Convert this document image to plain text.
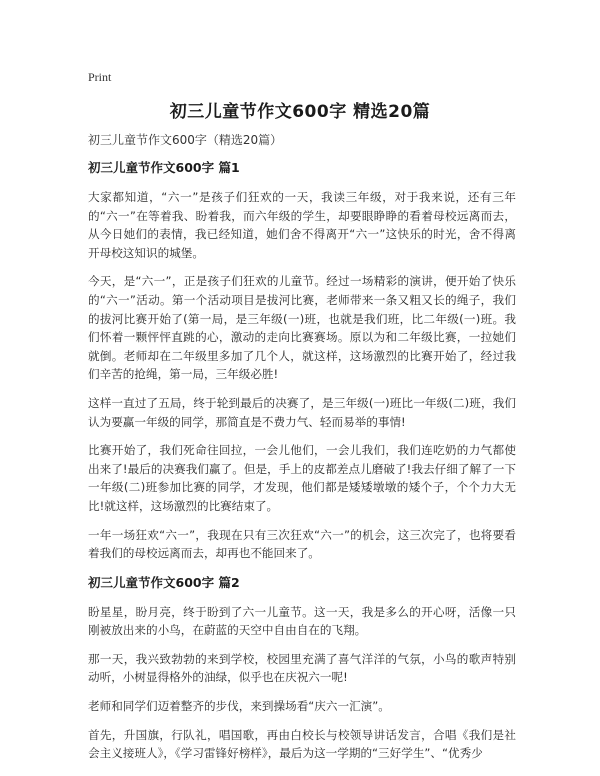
Print
初三儿童节作文600字 精选20篇

初三儿童节作文600字（精选20篇）

初三儿童节作文600字 篇1

大家都知道，“六一”是孩子们狂欢的一天，我读三年级，对于我来说，还有三年的“六一”在等着我、盼着我，而六年级的学生，却要眼睁睁的看着母校远离而去，从今日她们的表情，我已经知道，她们舍不得离开“六一”这快乐的时光，舍不得离开母校这知识的城堡。

今天，是“六一”，正是孩子们狂欢的儿童节。经过一场精彩的演讲，便开始了快乐的“六一”活动。第一个活动项目是拔河比赛，老师带来一条又粗又长的绳子，我们的拔河比赛开始了(第一局，是三年级(一)班，也就是我们班，比二年级(一)班。我们怀着一颗怦怦直跳的心，激动的走向比赛赛场。原以为和二年级比赛，一拉她们就倒。老师却在二年级里多加了几个人，就这样，这场激烈的比赛开始了，经过我们辛苦的抢绳，第一局，三年级必胜!

这样一直过了五局，终于轮到最后的决赛了，是三年级(一)班比一年级(二)班，我们认为要赢一年级的同学，那简直是不费力气、轻而易举的事情!

比赛开始了，我们死命往回拉，一会儿他们，一会儿我们，我们连吃奶的力气都使出来了!最后的决赛我们赢了。但是，手上的皮都差点儿磨破了!我去仔细了解了一下一年级(二)班参加比赛的同学，才发现，他们都是矮矮墩墩的矮个子，个个力大无比!就这样，这场激烈的比赛结束了。

一年一场狂欢“六一”，我现在只有三次狂欢“六一”的机会，这三次完了，也将要看着我们的母校远离而去，却再也不能回来了。

初三儿童节作文600字 篇2

盼星星，盼月亮，终于盼到了六一儿童节。这一天，我是多么的开心呀，活像一只刚被放出来的小鸟，在蔚蓝的天空中自由自在的飞翔。

那一天，我兴致勃勃的来到学校，校园里充满了喜气洋洋的气氛，小鸟的歌声特别动听，小树显得格外的油绿，似乎也在庆祝六一呢!

老师和同学们迈着整齐的步伐，来到操场看“庆六一汇演”。

首先，升国旗，行队礼，唱国歌，再由白校长与校领导讲话发言，合唱《我们是社会主义接班人》，《学习雷锋好榜样》，最后为这一学期的“三好学生”、“优秀少
